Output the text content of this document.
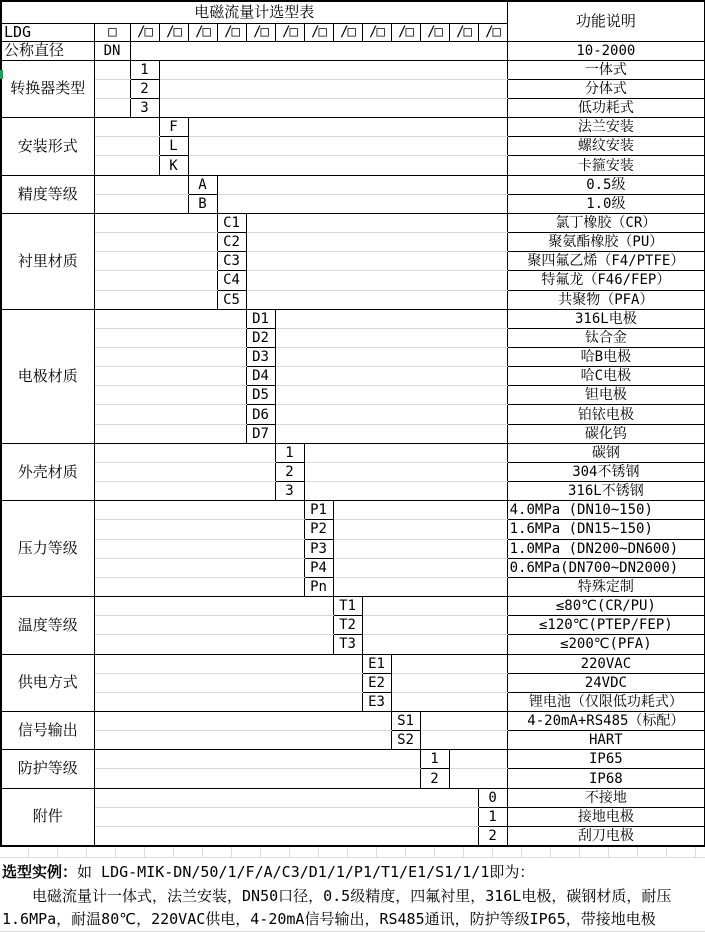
电磁流量计选型表															功能说明
LDG	□	/□	/□	/□	/□	/□	/□	/□	/□	/□	/□	/□	/□	/□	
公称直径	DN														10-2000
转换器类型		1													一体式
		2													分体式
		3													低功耗式
安装形式			F												法兰安装
			L												螺纹安装
			K												卡箍安装
精度等级				A											0.5级
				B											1.0级
衬里材质					C1										氯丁橡胶（CR）
					C2										聚氨酯橡胶（PU）
					C3										聚四氟乙烯（F4/PTFE）
					C4										特氟龙（F46/FEP）
					C5										共聚物（PFA）
电极材质						D1									316L电极
						D2									钛合金
						D3									哈B电极
						D4									哈C电极
						D5									钽电极
						D6									铂铱电极
						D7									碳化钨
外壳材质							1								碳钢
							2								304不锈钢
							3								316L不锈钢
压力等级								P1							4.0MPa (DN10~150)
								P2							1.6MPa (DN15~150)
								P3							1.0MPa (DN200~DN600)
								P4							0.6MPa(DN700~DN2000)
								Pn							特殊定制
温度等级									T1						≤80℃(CR/PU)
									T2						≤120℃(PTEP/FEP)
									T3						≤200℃(PFA)
供电方式										E1					220VAC
										E2					24VDC
										E3					锂电池（仅限低功耗式）
信号输出											S1				4-20mA+RS485（标配）
											S2				HART
防护等级												1			IP65
												2			IP68
附件														0	不接地
														1	接地电极
														2	刮刀电极
选型实例：如 LDG-MIK-DN/50/1/F/A/C3/D1/1/P1/T1/E1/S1/1/1即为：
电磁流量计一体式，法兰安装，DN50口径，0.5级精度，四氟衬里，316L电极，碳钢材质，耐压
1.6MPa，耐温80℃，220VAC供电，4-20mA信号输出，RS485通讯，防护等级IP65，带接地电极
